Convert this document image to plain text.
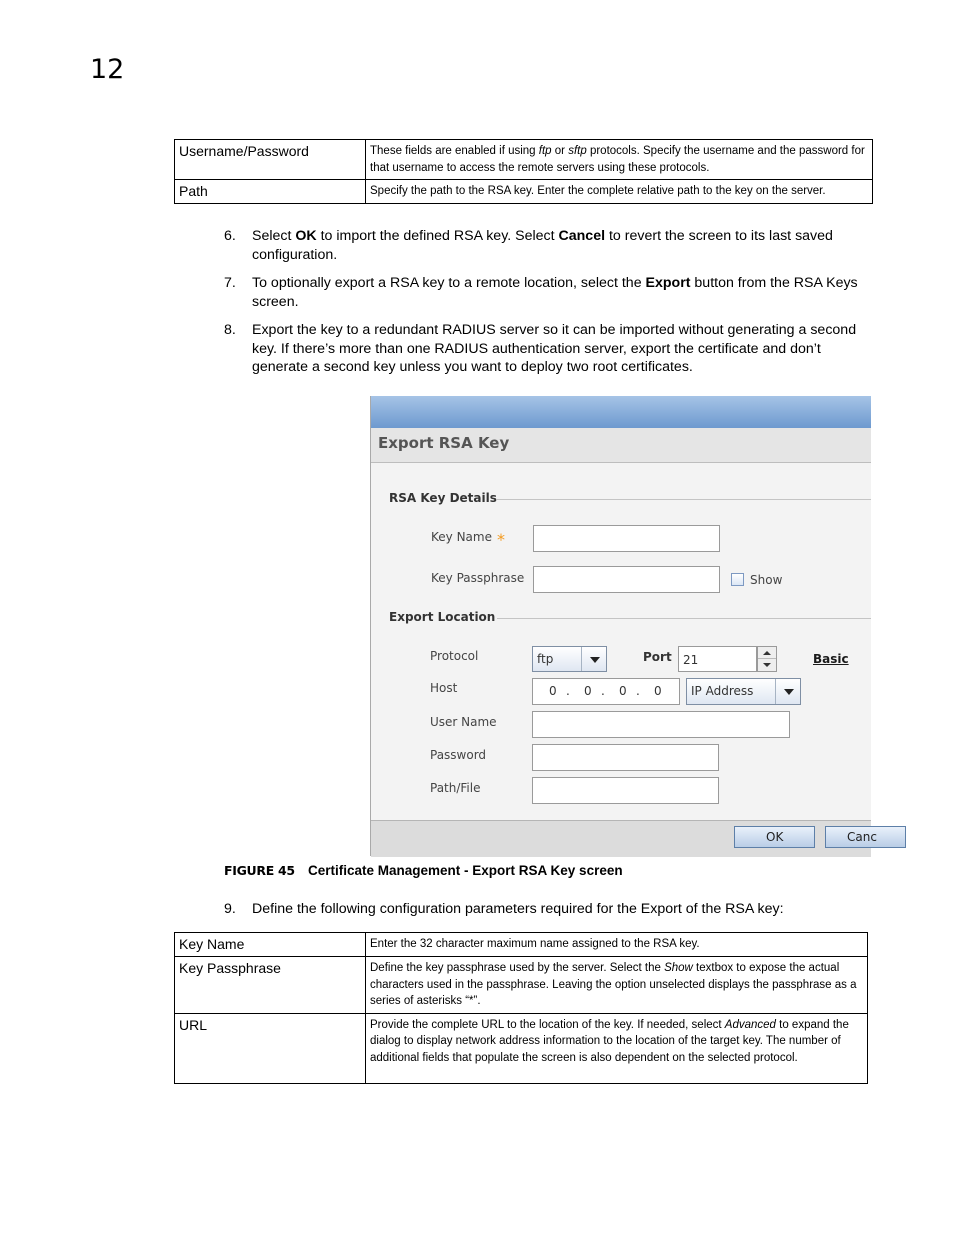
12
Username/Password	These fields are enabled if using ftp or sftp protocols. Specify the username and the password for that username to access the remote servers using these protocols.
Path	Specify the path to the RSA key. Enter the complete relative path to the key on the server.
6. Select OK to import the defined RSA key. Select Cancel to revert the screen to its last saved configuration.
7. To optionally export a RSA key to a remote location, select the Export button from the RSA Keys screen.
8. Export the key to a redundant RADIUS server so it can be imported without generating a second key. If there’s more than one RADIUS authentication server, export the certificate and don’t generate a second key unless you want to deploy two root certificates.
Export RSA Key
RSA Key Details
Key Name *
Key Passphrase	Show
Export Location
Protocol	ftp	Port 21	Basic
Host	0 . 0 . 0 . 0 IP Address
User Name
Password
Path/File
OK	Canc
FIGURE 45 Certificate Management - Export RSA Key screen
9. Define the following configuration parameters required for the Export of the RSA key:
Key Name	Enter the 32 character maximum name assigned to the RSA key.
Key Passphrase	Define the key passphrase used by the server. Select the Show textbox to expose the actual characters used in the passphrase. Leaving the option unselected displays the passphrase as a series of asterisks “*”.
URL	Provide the complete URL to the location of the key. If needed, select Advanced to expand the dialog to display network address information to the location of the target key. The number of additional fields that populate the screen is also dependent on the selected protocol.
